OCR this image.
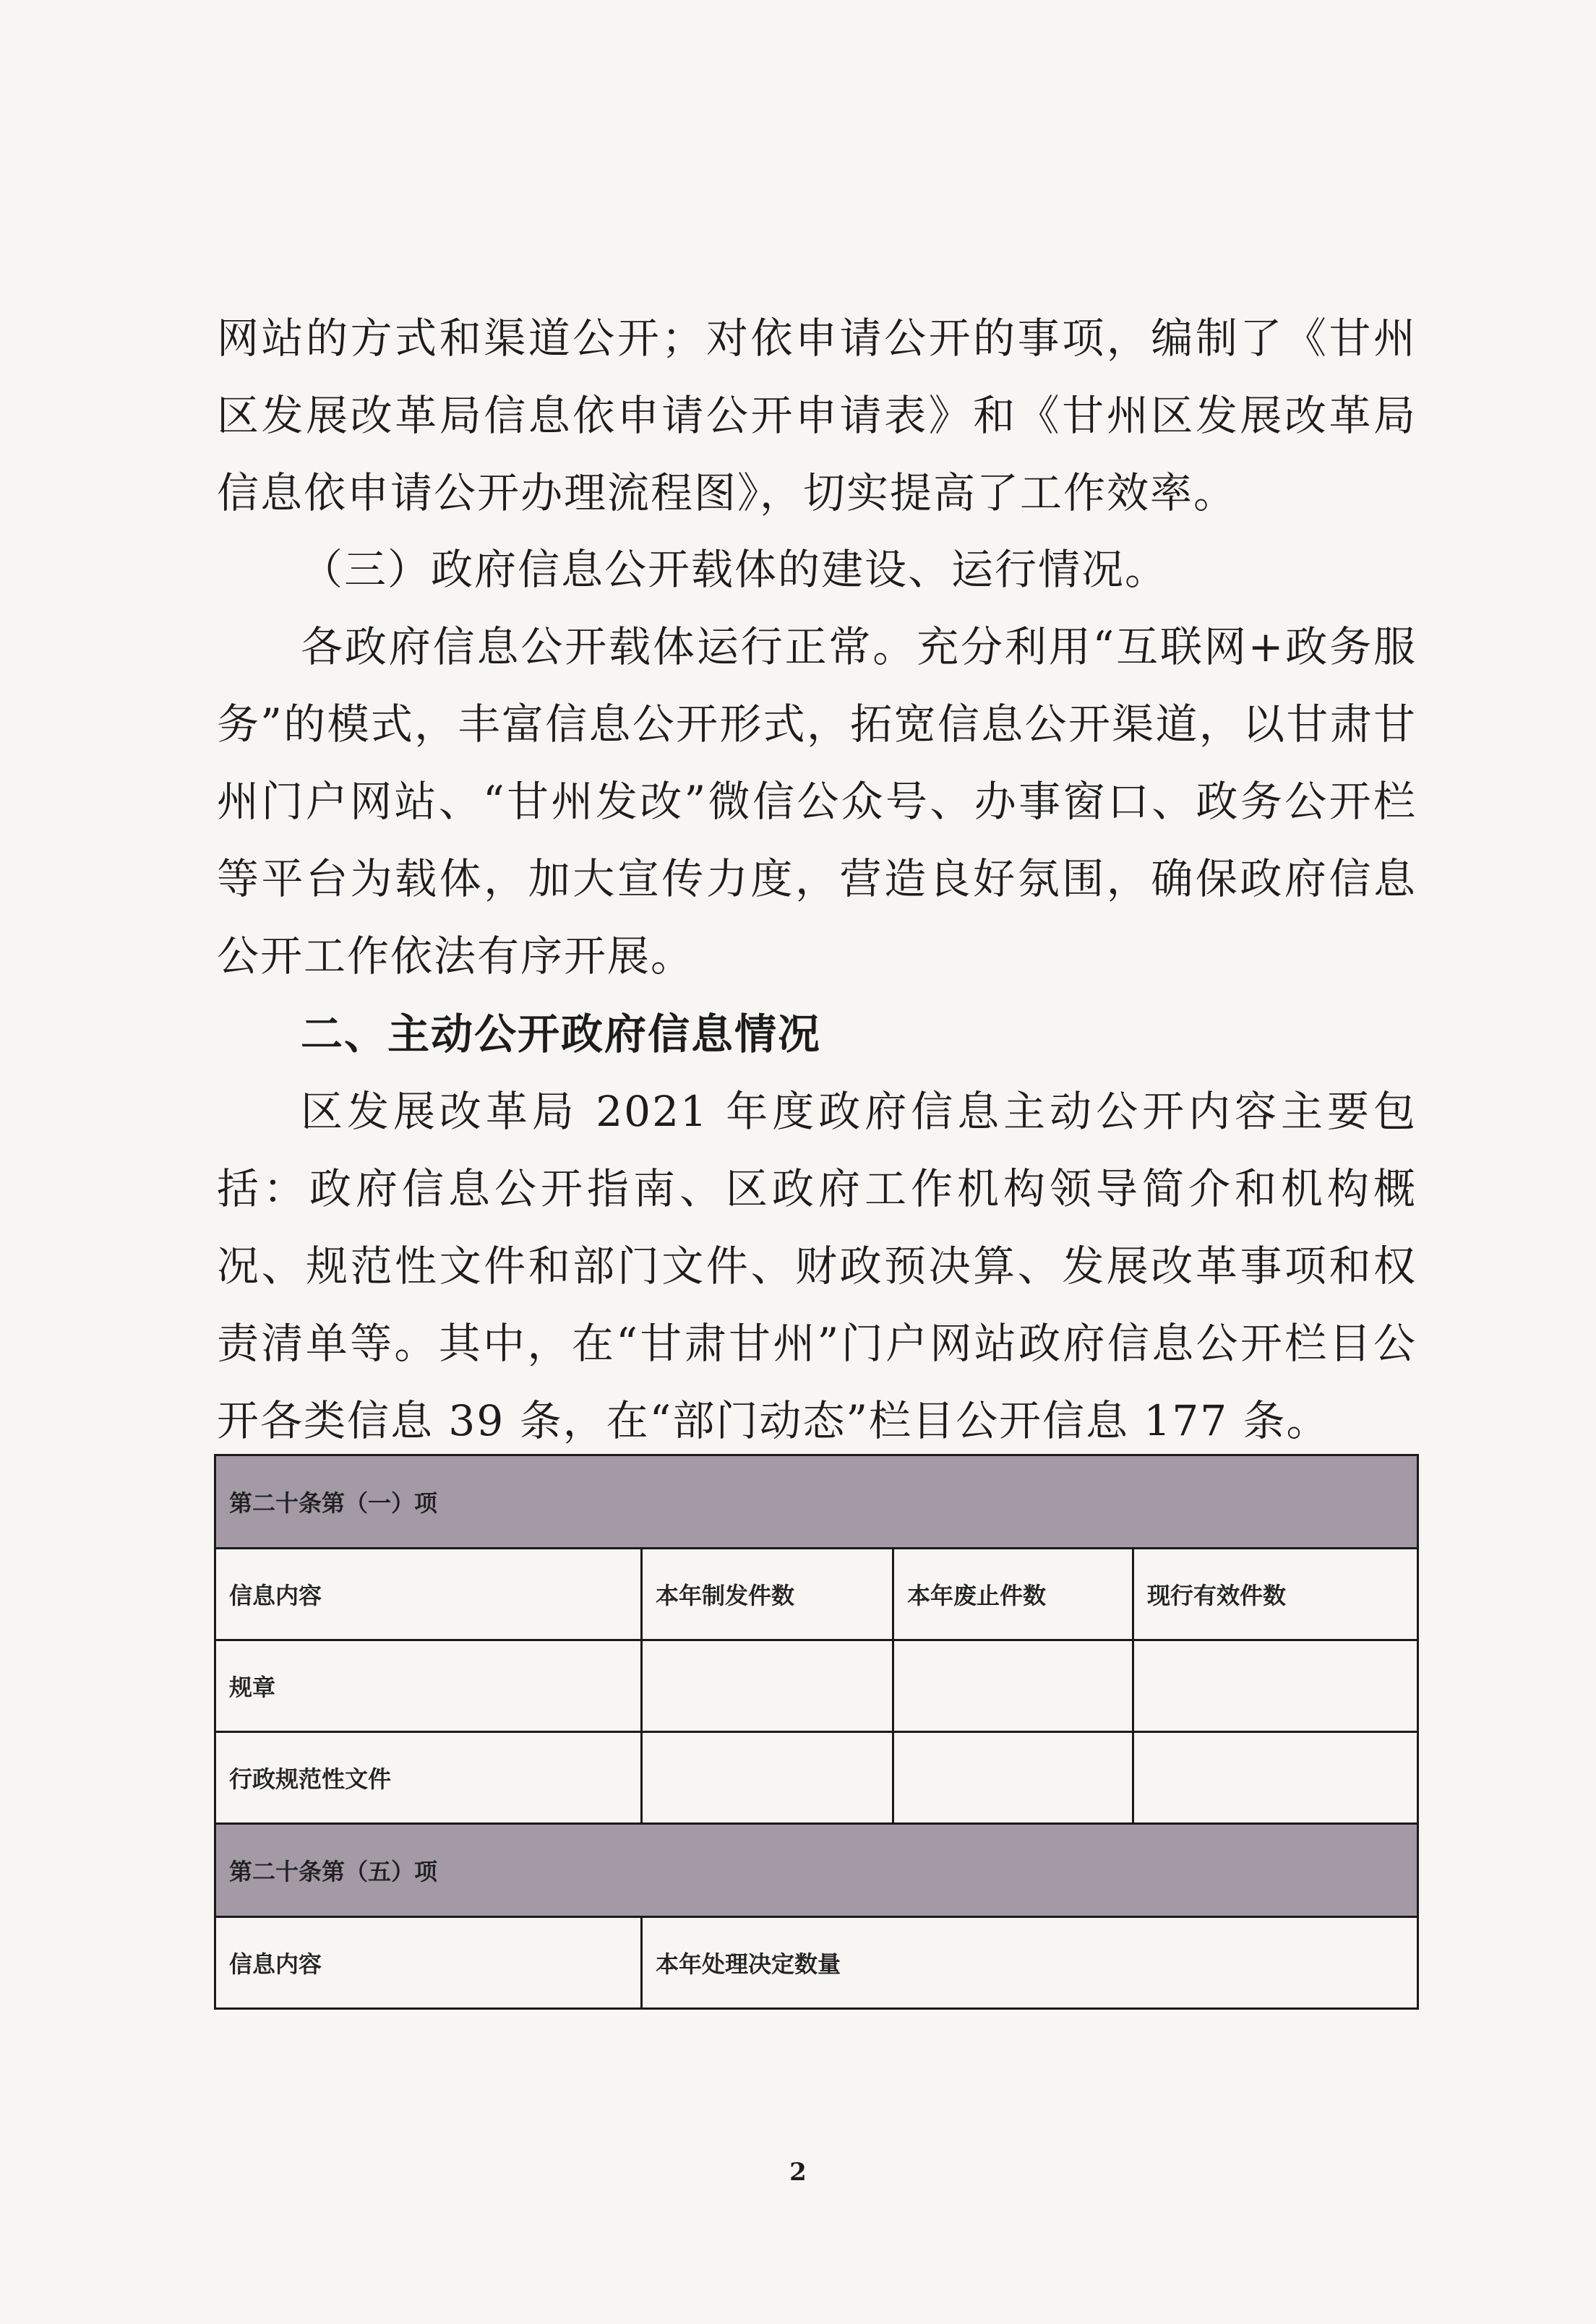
网站的方式和渠道公开；对依申请公开的事项，编制了《甘州区发展改革局信息依申请公开申请表》和《甘州区发展改革局信息依申请公开办理流程图》，切实提高了工作效率。

（三）政府信息公开载体的建设、运行情况。

各政府信息公开载体运行正常。充分利用“互联网+政务服务”的模式，丰富信息公开形式，拓宽信息公开渠道，以甘肃甘州门户网站、“甘州发改”微信公众号、办事窗口、政务公开栏等平台为载体，加大宣传力度，营造良好氛围，确保政府信息公开工作依法有序开展。

二、主动公开政府信息情况

区发展改革局 2021 年度政府信息主动公开内容主要包括：政府信息公开指南、区政府工作机构领导简介和机构概况、规范性文件和部门文件、财政预决算、发展改革事项和权责清单等。其中，在“甘肃甘州”门户网站政府信息公开栏目公开各类信息 39 条，在“部门动态”栏目公开信息 177 条。

第二十条第（一）项			
信息内容	本年制发件数	本年废止件数	现行有效件数
规章			
行政规范性文件			
第二十条第（五）项			
信息内容	本年处理决定数量		
2
